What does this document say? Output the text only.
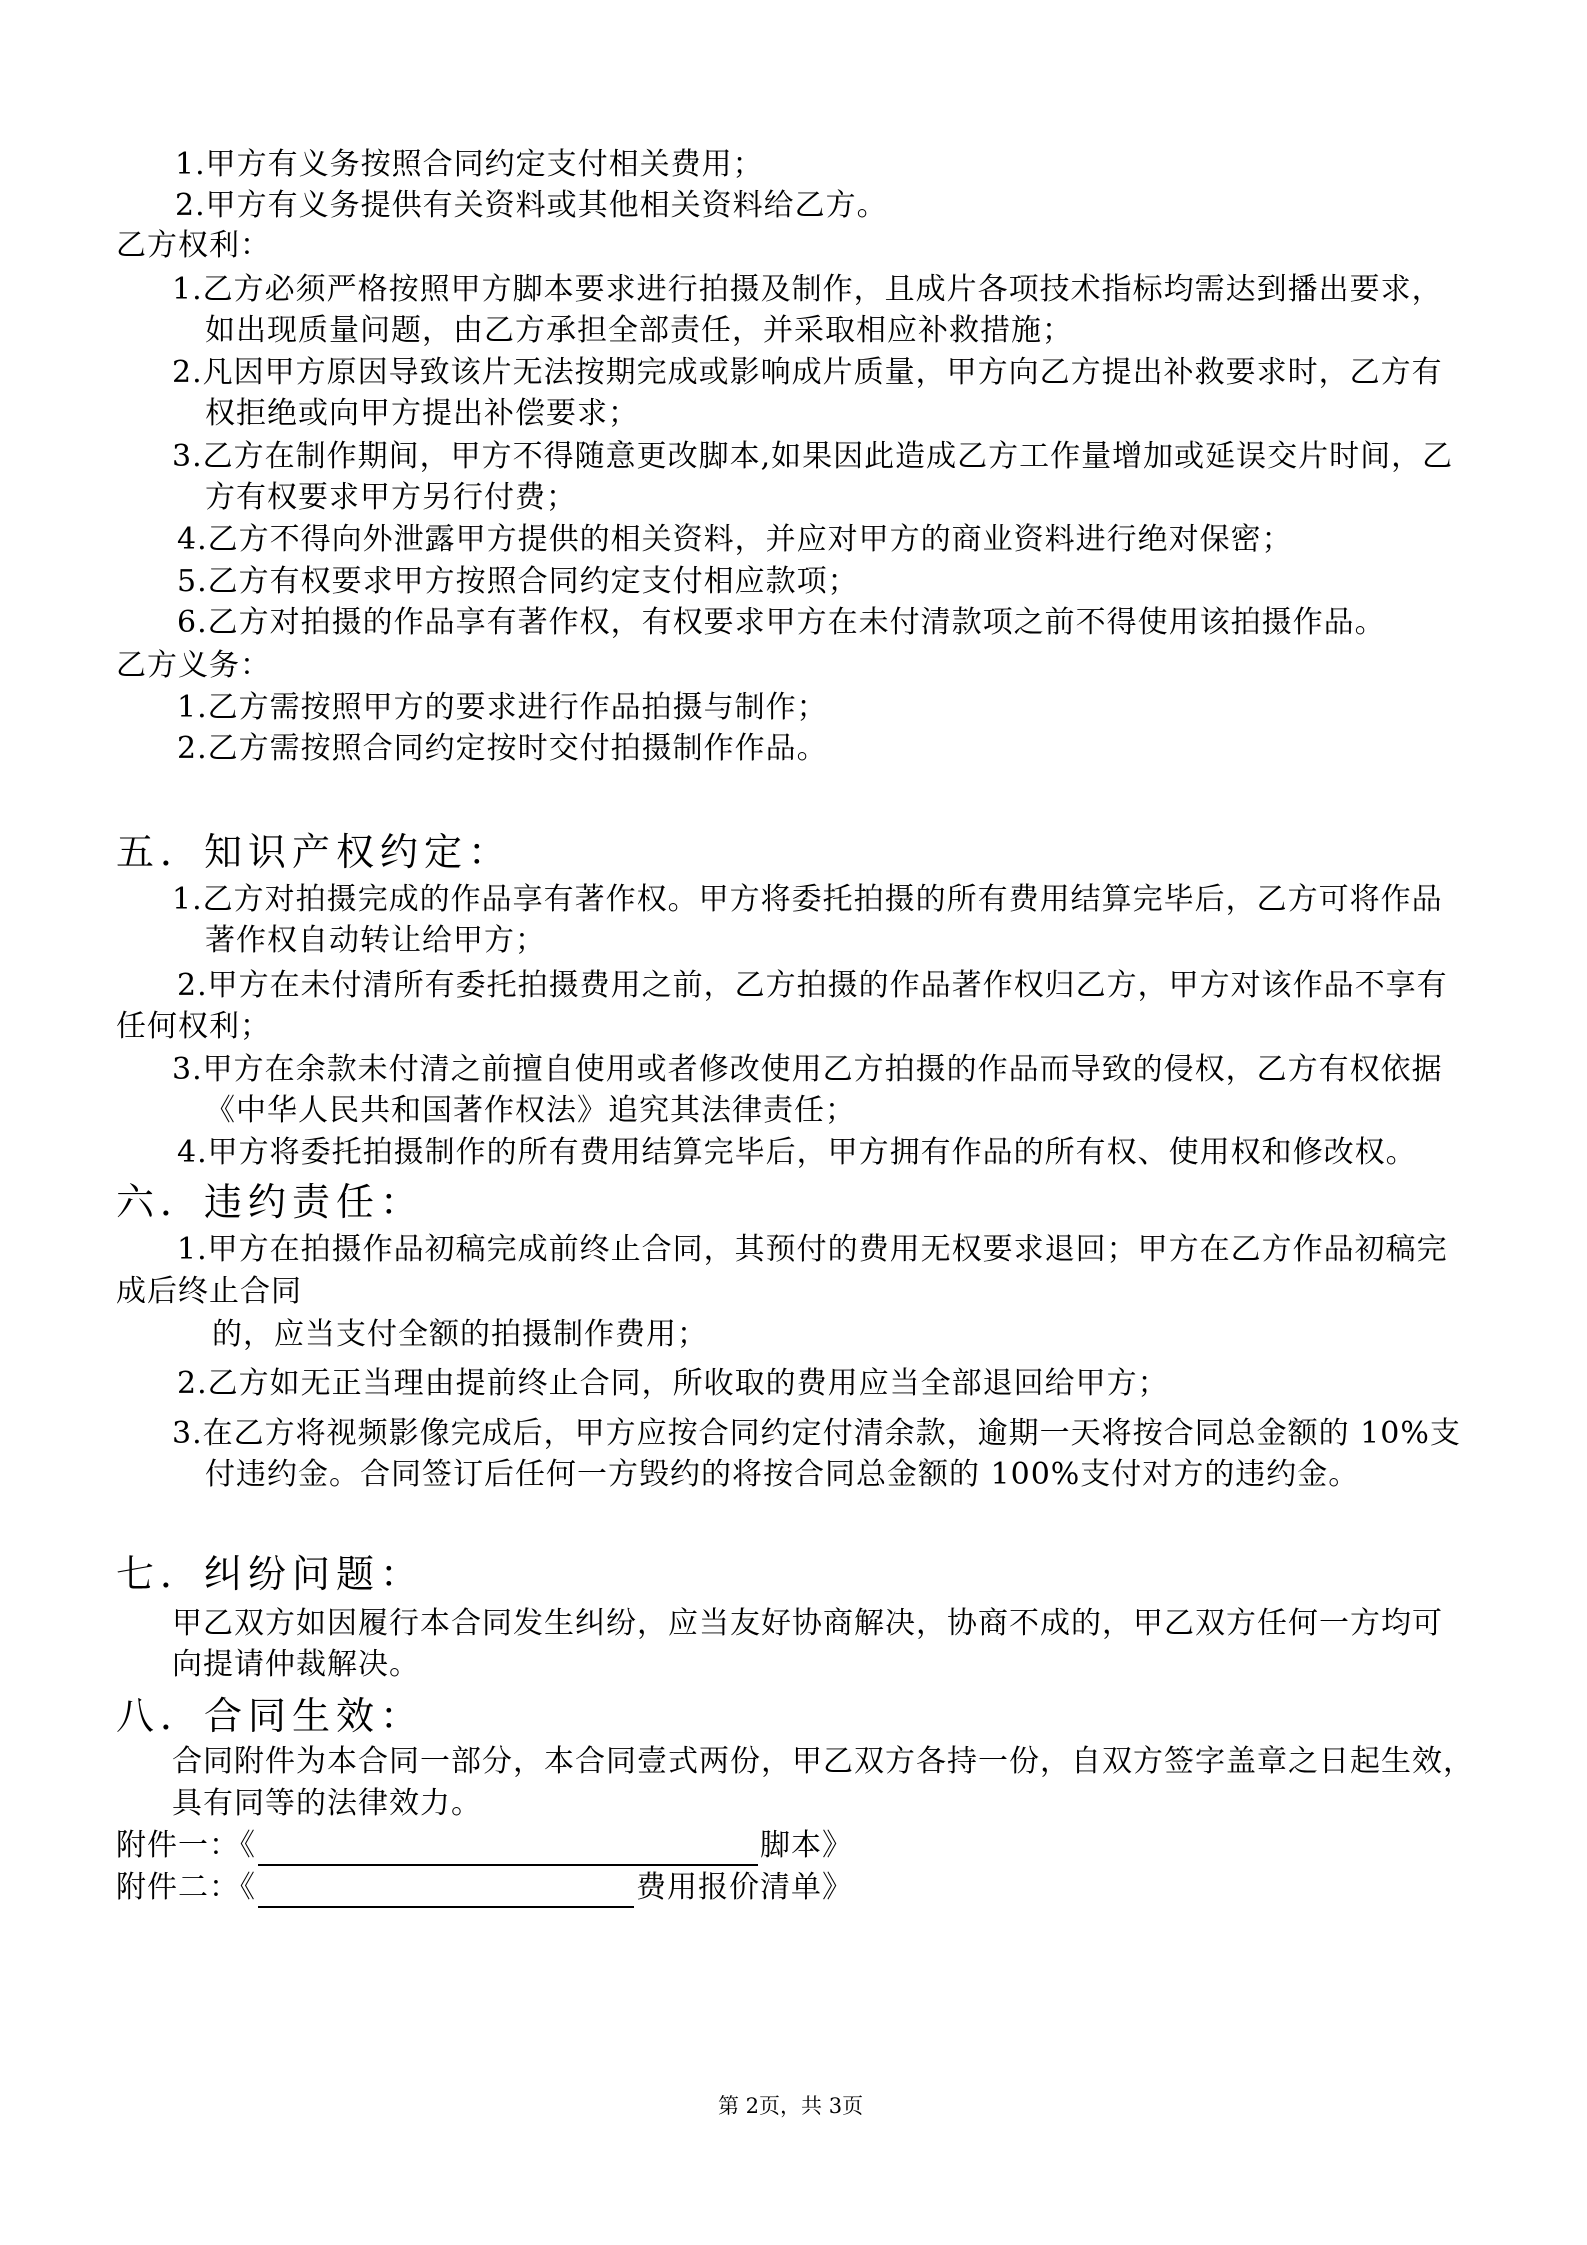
1.甲方有义务按照合同约定支付相关费用；
2.甲方有义务提供有关资料或其他相关资料给乙方。
乙方权利：
1.乙方必须严格按照甲方脚本要求进行拍摄及制作，且成片各项技术指标均需达到播出要求，
如出现质量问题，由乙方承担全部责任，并采取相应补救措施；
2.凡因甲方原因导致该片无法按期完成或影响成片质量，甲方向乙方提出补救要求时，乙方有
权拒绝或向甲方提出补偿要求；
3.乙方在制作期间，甲方不得随意更改脚本,如果因此造成乙方工作量增加或延误交片时间，乙
方有权要求甲方另行付费；
4.乙方不得向外泄露甲方提供的相关资料，并应对甲方的商业资料进行绝对保密；
5.乙方有权要求甲方按照合同约定支付相应款项；
6.乙方对拍摄的作品享有著作权，有权要求甲方在未付清款项之前不得使用该拍摄作品。
乙方义务：
1.乙方需按照甲方的要求进行作品拍摄与制作；
2.乙方需按照合同约定按时交付拍摄制作作品。
五．知识产权约定：
1.乙方对拍摄完成的作品享有著作权。甲方将委托拍摄的所有费用结算完毕后，乙方可将作品
著作权自动转让给甲方；
2.甲方在未付清所有委托拍摄费用之前，乙方拍摄的作品著作权归乙方，甲方对该作品不享有
任何权利；
3.甲方在余款未付清之前擅自使用或者修改使用乙方拍摄的作品而导致的侵权，乙方有权依据
《中华人民共和国著作权法》追究其法律责任；
4.甲方将委托拍摄制作的所有费用结算完毕后，甲方拥有作品的所有权、使用权和修改权。
六．违约责任：
1.甲方在拍摄作品初稿完成前终止合同，其预付的费用无权要求退回；甲方在乙方作品初稿完
成后终止合同
的，应当支付全额的拍摄制作费用；
2.乙方如无正当理由提前终止合同，所收取的费用应当全部退回给甲方；
3.在乙方将视频影像完成后，甲方应按合同约定付清余款，逾期一天将按合同总金额的 10%支
付违约金。合同签订后任何一方毁约的将按合同总金额的 100%支付对方的违约金。
七．纠纷问题：
甲乙双方如因履行本合同发生纠纷，应当友好协商解决，协商不成的，甲乙双方任何一方均可
向提请仲裁解决。
八．合同生效：
合同附件为本合同一部分，本合同壹式两份，甲乙双方各持一份，自双方签字盖章之日起生效，
具有同等的法律效力。
附件一：《	脚本》
附件二：《	费用报价清单》
第 2页，共 3页
